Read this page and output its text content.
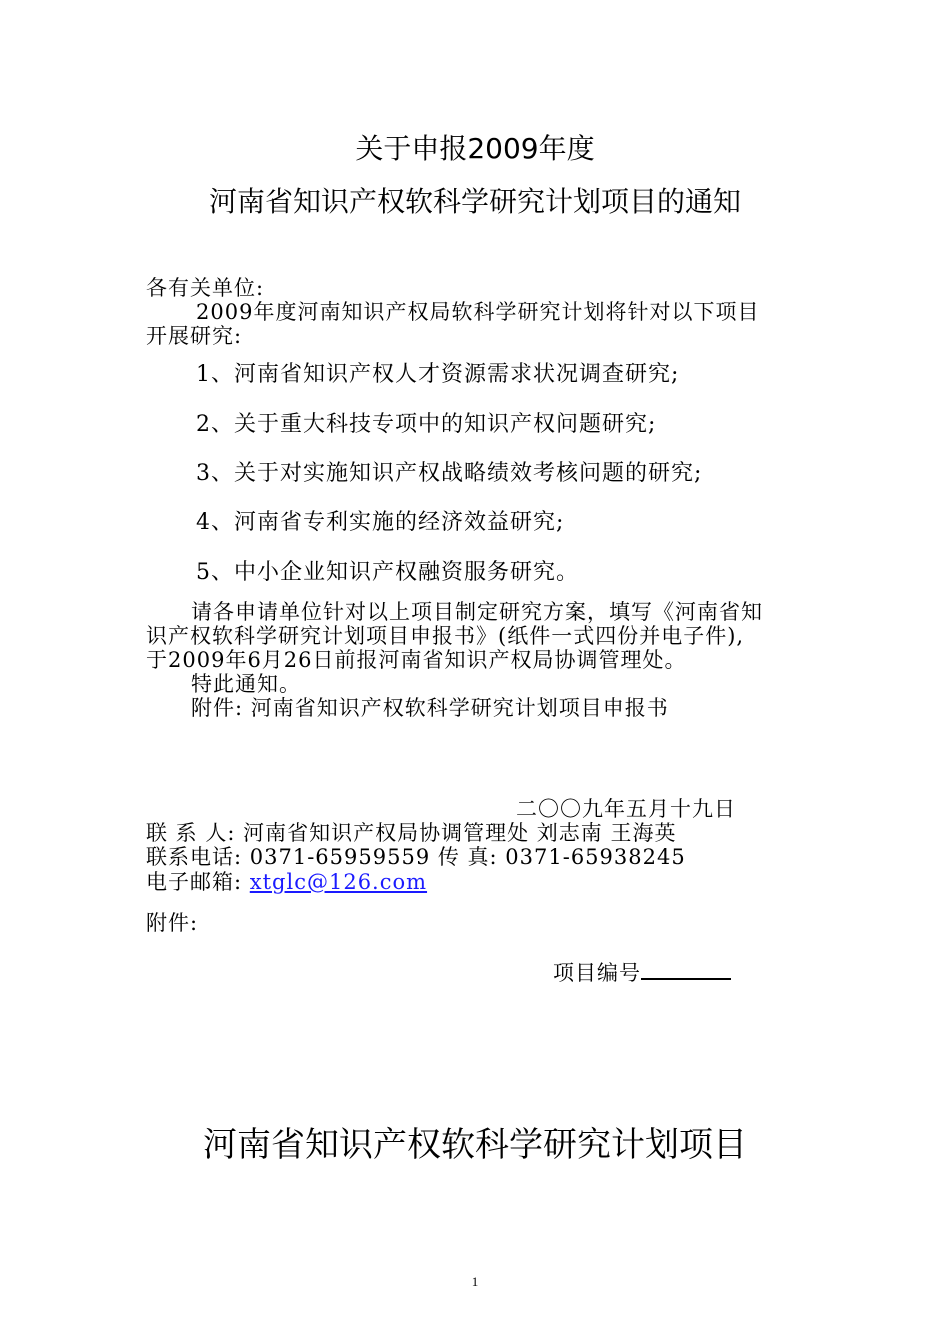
关于申报2009年度
河南省知识产权软科学研究计划项目的通知
各有关单位:
2009年度河南知识产权局软科学研究计划将针对以下项目
开展研究:
1、河南省知识产权人才资源需求状况调查研究;
2、关于重大科技专项中的知识产权问题研究;
3、关于对实施知识产权战略绩效考核问题的研究;
4、河南省专利实施的经济效益研究;
5、中小企业知识产权融资服务研究。
请各申请单位针对以上项目制定研究方案，填写《河南省知
识产权软科学研究计划项目申报书》(纸件一式四份并电子件),
于2009年6月26日前报河南省知识产权局协调管理处。
特此通知。
附件: 河南省知识产权软科学研究计划项目申报书
二〇〇九年五月十九日
联 系 人: 河南省知识产权局协调管理处 刘志南 王海英
联系电话: 0371-65959559 传 真: 0371-65938245
电子邮箱: xtglc@126.com
附件:
项目编号
河南省知识产权软科学研究计划项目
1
